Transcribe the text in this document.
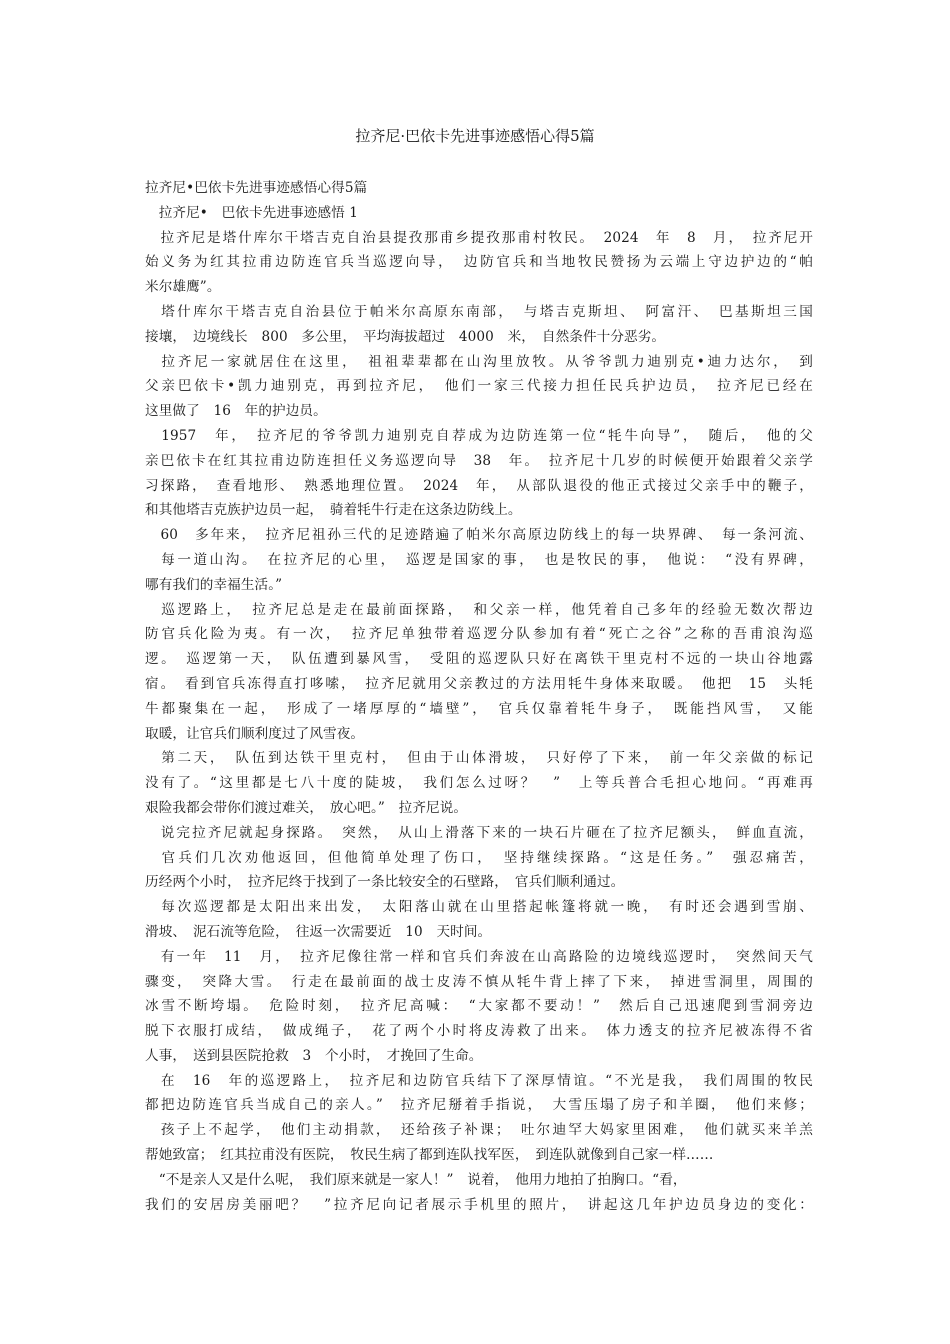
拉齐尼·巴依卡先进事迹感悟心得5篇
拉齐尼•巴依卡先进事迹感悟心得5篇
　拉齐尼•　巴依卡先进事迹感悟 1
　拉齐尼是塔什库尔干塔吉克自治县提孜那甫乡提孜那甫村牧民。　2024　年　8　月，　拉齐尼开
始义务为红其拉甫边防连官兵当巡逻向导，　边防官兵和当地牧民赞扬为云端上守边护边的“帕
米尔雄鹰”。
　塔什库尔干塔吉克自治县位于帕米尔高原东南部，　与塔吉克斯坦、　阿富汗、　巴基斯坦三国
接壤，　边境线长　800　多公里，　平均海拔超过　4000　米，　自然条件十分恶劣。
　拉齐尼一家就居住在这里，　祖祖辈辈都在山沟里放牧。从爷爷凯力迪别克•迪力达尔，　到
父亲巴依卡•凯力迪别克，再到拉齐尼，　他们一家三代接力担任民兵护边员，　拉齐尼已经在
这里做了　16　年的护边员。
　1957　年，　拉齐尼的爷爷凯力迪别克自荐成为边防连第一位“牦牛向导”，　随后，　他的父
亲巴依卡在红其拉甫边防连担任义务巡逻向导　38　年。　拉齐尼十几岁的时候便开始跟着父亲学
习探路，　查看地形、　熟悉地理位置。　2024　年，　从部队退役的他正式接过父亲手中的鞭子，
和其他塔吉克族护边员一起，　骑着牦牛行走在这条边防线上。
　60　多年来，　拉齐尼祖孙三代的足迹踏遍了帕米尔高原边防线上的每一块界碑、　每一条河流、
　每一道山沟。　在拉齐尼的心里，　巡逻是国家的事，　也是牧民的事，　他说：　“没有界碑，
哪有我们的幸福生活。”
　巡逻路上，　拉齐尼总是走在最前面探路，　和父亲一样，他凭着自己多年的经验无数次帮边
防官兵化险为夷。有一次，　拉齐尼单独带着巡逻分队参加有着“死亡之谷”之称的吾甫浪沟巡
逻。　巡逻第一天，　队伍遭到暴风雪，　受阻的巡逻队只好在离铁干里克村不远的一块山谷地露
宿。　看到官兵冻得直打哆嗦，　拉齐尼就用父亲教过的方法用牦牛身体来取暖。　他把　15　头牦
牛都聚集在一起，　形成了一堵厚厚的“墙壁”，　官兵仅靠着牦牛身子，　既能挡风雪，　又能
取暖，让官兵们顺利度过了风雪夜。
　第二天，　队伍到达铁干里克村，　但由于山体滑坡，　只好停了下来，　前一年父亲做的标记
没有了。“这里都是七八十度的陡坡，　我们怎么过呀？　”　上等兵普合毛担心地问。“再难再
艰险我都会带你们渡过难关，　放心吧。”　拉齐尼说。
　说完拉齐尼就起身探路。　突然，　从山上滑落下来的一块石片砸在了拉齐尼额头，　鲜血直流，
　官兵们几次劝他返回，但他简单处理了伤口，　坚持继续探路。“这是任务。”　强忍痛苦，
历经两个小时，　拉齐尼终于找到了一条比较安全的石壁路，　官兵们顺利通过。
　每次巡逻都是太阳出来出发，　太阳落山就在山里搭起帐篷将就一晚，　有时还会遇到雪崩、
滑坡、　泥石流等危险，　往返一次需要近　10　天时间。
　有一年　11　月，　拉齐尼像往常一样和官兵们奔波在山高路险的边境线巡逻时，　突然间天气
骤变，　突降大雪。　行走在最前面的战士皮涛不慎从牦牛背上摔了下来，　掉进雪洞里，周围的
冰雪不断垮塌。　危险时刻，　拉齐尼高喊：　“大家都不要动！”　然后自己迅速爬到雪洞旁边
脱下衣服打成结，　做成绳子，　花了两个小时将皮涛救了出来。　体力透支的拉齐尼被冻得不省
人事，　送到县医院抢救　3　个小时，　才挽回了生命。
　在　16　年的巡逻路上，　拉齐尼和边防官兵结下了深厚情谊。“不光是我，　我们周围的牧民
都把边防连官兵当成自己的亲人。”　拉齐尼掰着手指说，　大雪压塌了房子和羊圈，　他们来修；
　孩子上不起学，　他们主动捐款，　还给孩子补课；　吐尔迪罕大妈家里困难，　他们就买来羊羔
帮她致富；　红其拉甫没有医院，　牧民生病了都到连队找军医，　到连队就像到自己家一样……
　“不是亲人又是什么呢，　我们原来就是一家人！”　说着，　他用力地拍了拍胸口。“看，
我们的安居房美丽吧？　”拉齐尼向记者展示手机里的照片，　讲起这几年护边员身边的变化：
